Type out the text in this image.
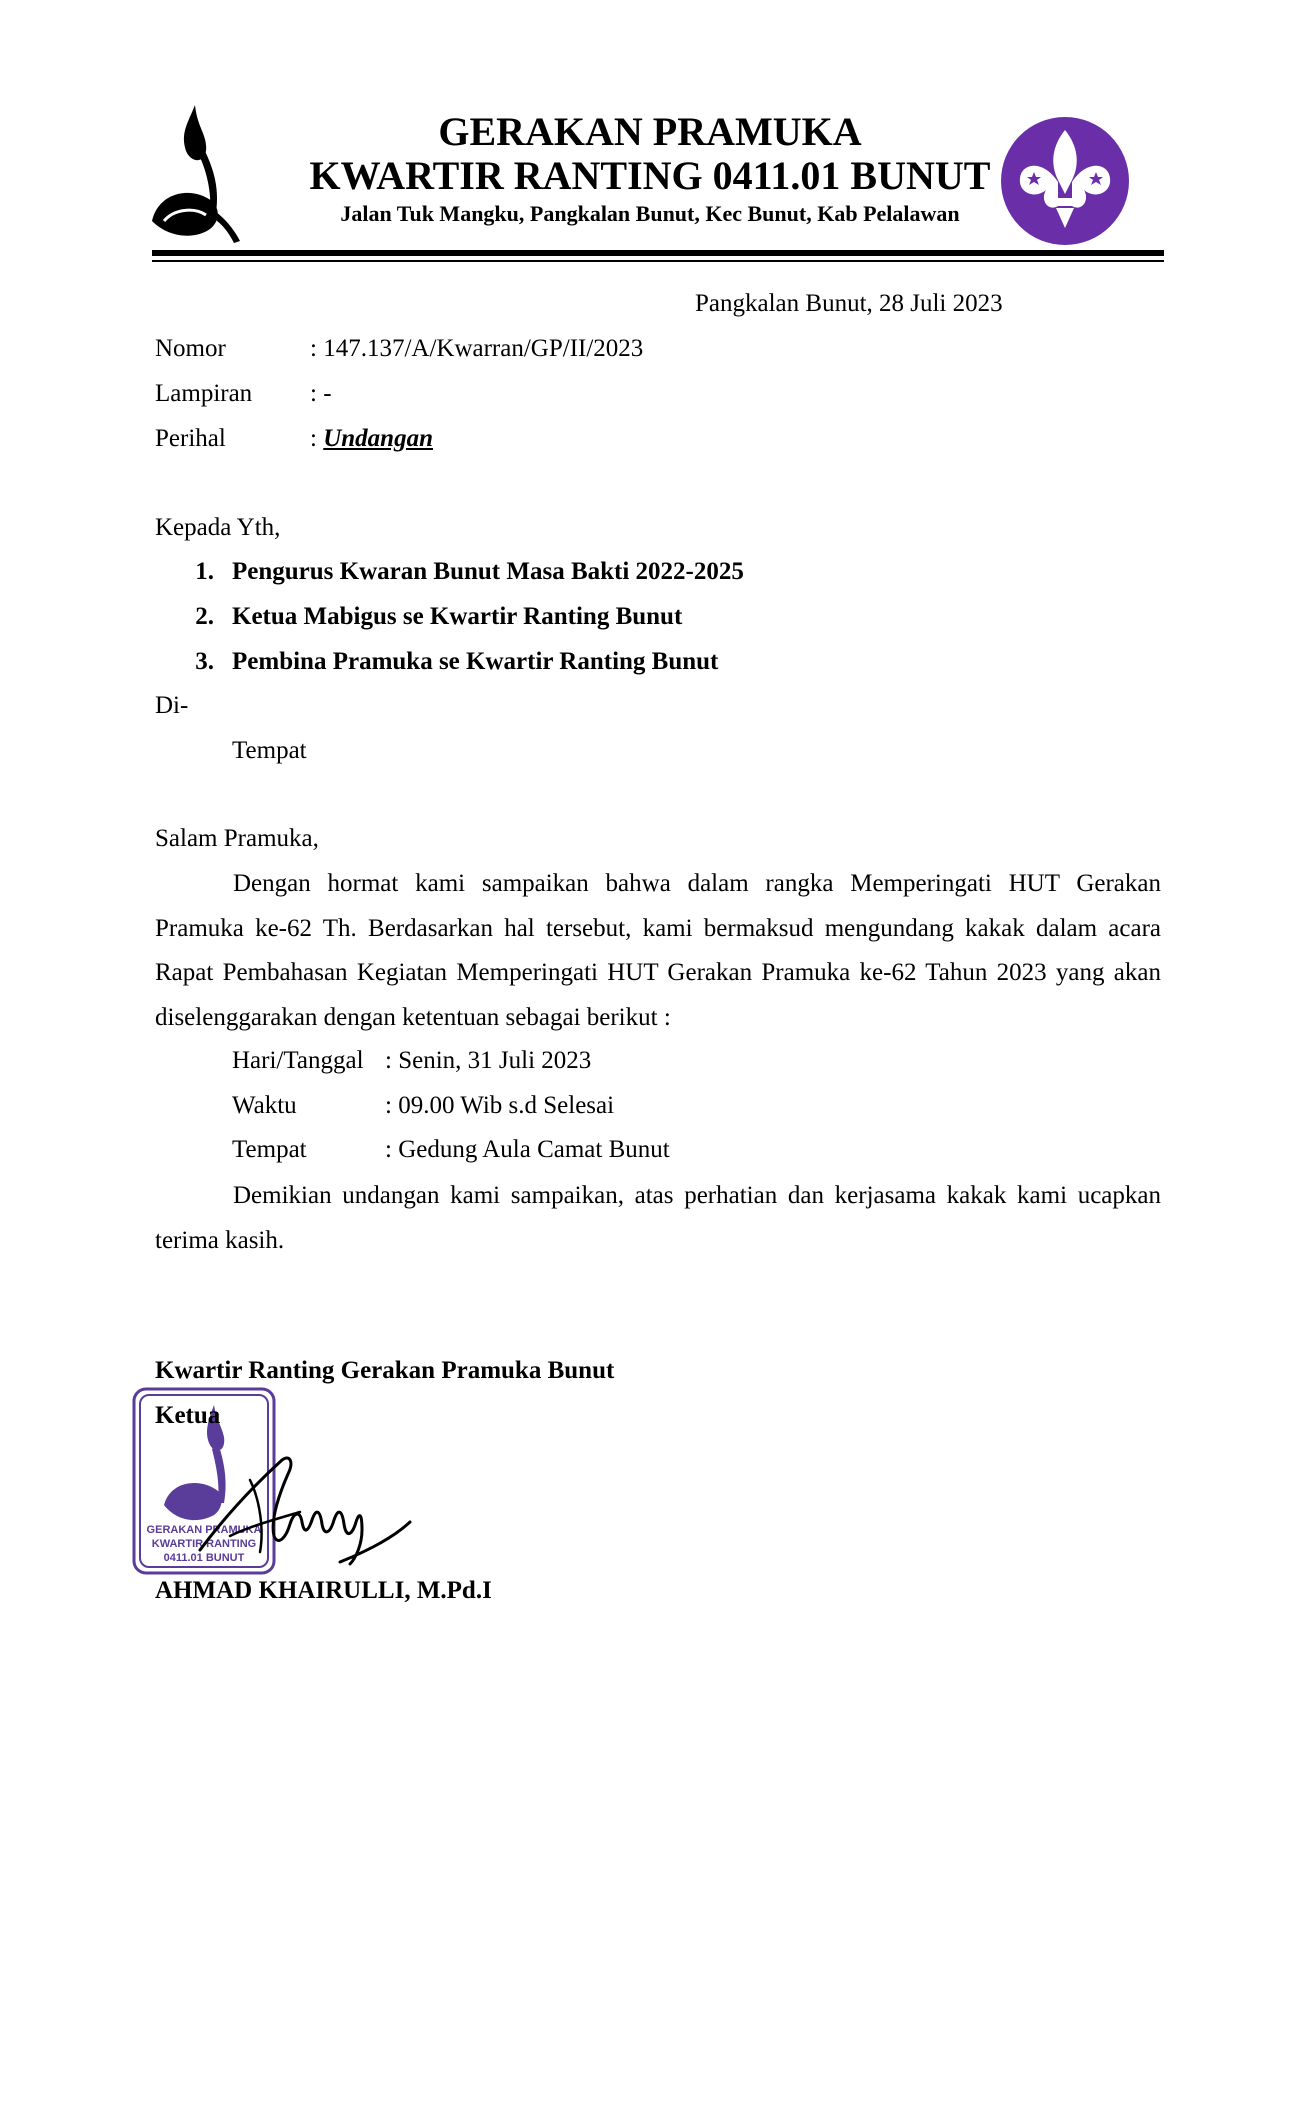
GERAKAN PRAMUKA
KWARTIR RANTING 0411.01 BUNUT
Jalan Tuk Mangku, Pangkalan Bunut, Kec Bunut, Kab Pelalawan
Pangkalan Bunut, 28 Juli 2023
Nomor	: 147.137/A/Kwarran/GP/II/2023
Lampiran : -
Perihal	: Undangan
Kepada Yth,
1. Pengurus Kwaran Bunut Masa Bakti 2022-2025
2. Ketua Mabigus se Kwartir Ranting Bunut
3. Pembina Pramuka se Kwartir Ranting Bunut
Di-
Tempat
Salam Pramuka,

Dengan hormat kami sampaikan bahwa dalam rangka Memperingati HUT Gerakan Pramuka ke-62 Th. Berdasarkan hal tersebut, kami bermaksud mengundang kakak dalam acara Rapat Pembahasan Kegiatan Memperingati HUT Gerakan Pramuka ke-62 Tahun 2023 yang akan diselenggarakan dengan ketentuan sebagai berikut :

Hari/Tanggal : Senin, 31 Juli 2023
Waktu	: 09.00 Wib s.d Selesai
Tempat	: Gedung Aula Camat Bunut

Demikian undangan kami sampaikan, atas perhatian dan kerjasama kakak kami ucapkan terima kasih.

Kwartir Ranting Gerakan Pramuka Bunut
GERAKAN PRAMUKA
KWARTIR RANTING
0411.01 BUNUT
Ketua
AHMAD KHAIRULLI, M.Pd.I
